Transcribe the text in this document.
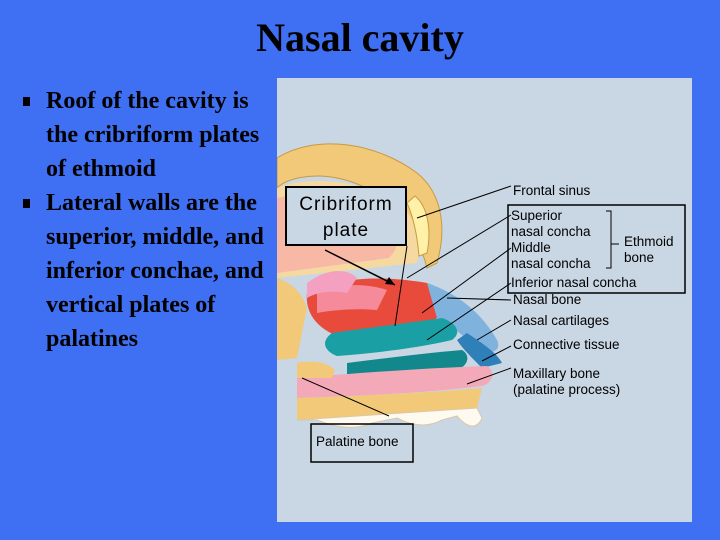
Nasal cavity
Roof of the cavity is the cribriform plates of ethmoid
Lateral walls are the superior, middle, and inferior conchae, and vertical plates of palatines
Cribriform
plate
Frontal sinus
Superior
nasal concha
Middle
nasal concha
Ethmoid
bone
Inferior nasal concha
Nasal bone
Nasal cartilages
Connective tissue
Maxillary bone
(palatine process)
Palatine bone
